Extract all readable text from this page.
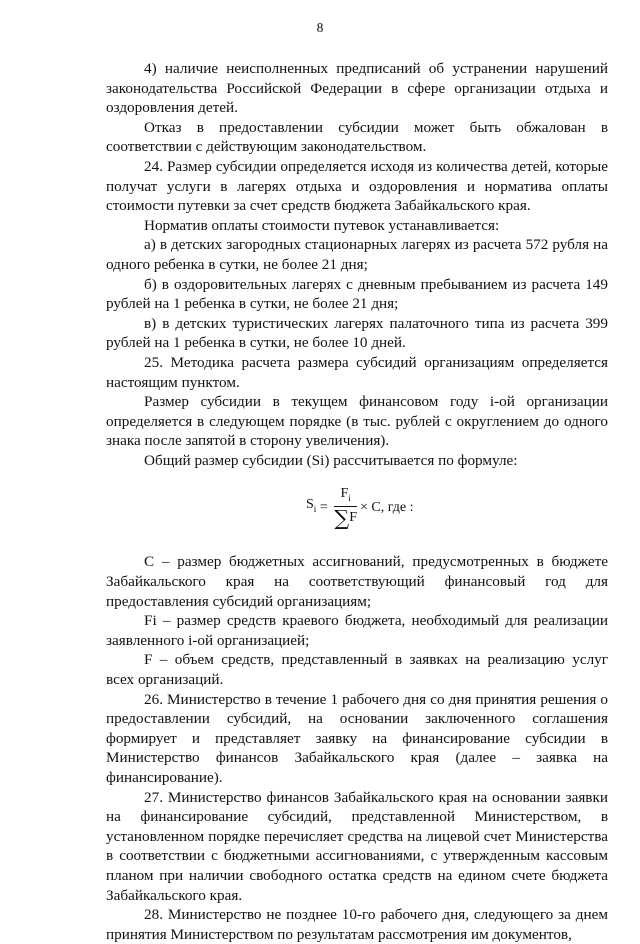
8

4) наличие неисполненных предписаний об устранении нарушений законодательства Российской Федерации в сфере организации отдыха и оздоровления детей.

Отказ в предоставлении субсидии может быть обжалован в соответствии с действующим законодательством.

24. Размер субсидии определяется исходя из количества детей, которые получат услуги в лагерях отдыха и оздоровления и норматива оплаты стоимости путевки за счет средств бюджета Забайкальского края.

Норматив оплаты стоимости путевок устанавливается:

а) в детских загородных стационарных лагерях из расчета 572 рубля на одного ребенка в сутки, не более 21 дня;

б) в оздоровительных лагерях с дневным пребыванием из расчета 149 рублей на 1 ребенка в сутки, не более 21 дня;

в) в детских туристических лагерях палаточного типа из расчета 399 рублей на 1 ребенка в сутки, не более 10 дней.

25. Методика расчета размера субсидий организациям определяется настоящим пунктом.

Размер субсидии в текущем финансовом году i-ой организации определяется в следующем порядке (в тыс. рублей с округлением до одного знака после запятой в сторону увеличения).

Общий размер субсидии (Si) рассчитывается по формуле:

$S_i = \frac{F_i}{\sum F} \times C$, где :

C – размер бюджетных ассигнований, предусмотренных в бюджете Забайкальского края на соответствующий финансовый год для предоставления субсидий организациям;

Fi – размер средств краевого бюджета, необходимый для реализации заявленного i-ой организацией;

F – объем средств, представленный в заявках на реализацию услуг всех организаций.

26. Министерство в течение 1 рабочего дня со дня принятия решения о предоставлении субсидий, на основании заключенного соглашения формирует и представляет заявку на финансирование субсидии в Министерство финансов Забайкальского края (далее – заявка на финансирование).

27. Министерство финансов Забайкальского края на основании заявки на финансирование субсидий, представленной Министерством, в установленном порядке перечисляет средства на лицевой счет Министерства в соответствии с бюджетными ассигнованиями, с утвержденным кассовым планом при наличии свободного остатка средств на едином счете бюджета Забайкальского края.

28. Министерство не позднее 10-го рабочего дня, следующего за днем принятия Министерством по результатам рассмотрения им документов,
